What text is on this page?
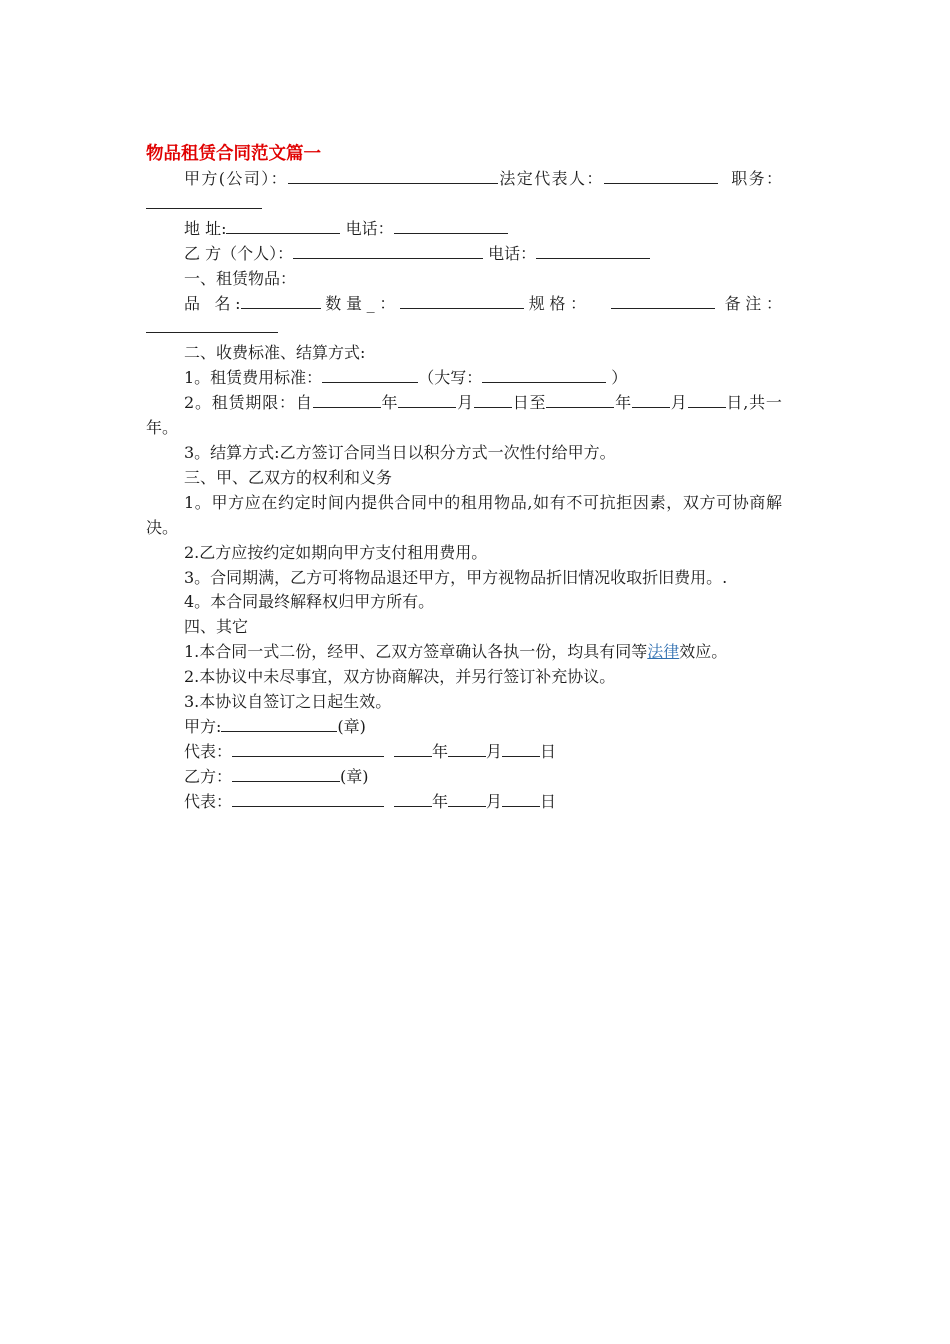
物品租赁合同范文篇一

甲方(公司）：	法定代表人：	职务：

地 址:	电话：

乙 方（个人）：	电话：

一、租赁物品：

品 名:	数量_：	规格：	备注：

二、收费标准、结算方式:

1。租赁费用标准：	（大写：	）

2。租赁期限：自	年	月 日至	年 月 日,共一年。

3。结算方式:乙方签订合同当日以积分方式一次性付给甲方。

三、甲、乙双方的权利和义务

1。甲方应在约定时间内提供合同中的租用物品,如有不可抗拒因素，双方可协商解决。

2.乙方应按约定如期向甲方支付租用费用。

3。合同期满，乙方可将物品退还甲方，甲方视物品折旧情况收取折旧费用。.

4。本合同最终解释权归甲方所有。

四、其它

1.本合同一式二份，经甲、乙双方签章确认各执一份，均具有同等法律效应。

2.本协议中未尽事宜，双方协商解决，并另行签订补充协议。

3.本协议自签订之日起生效。

甲方:	(章)

代表：	年 月 日

乙方：	(章)

代表：	年 月 日
